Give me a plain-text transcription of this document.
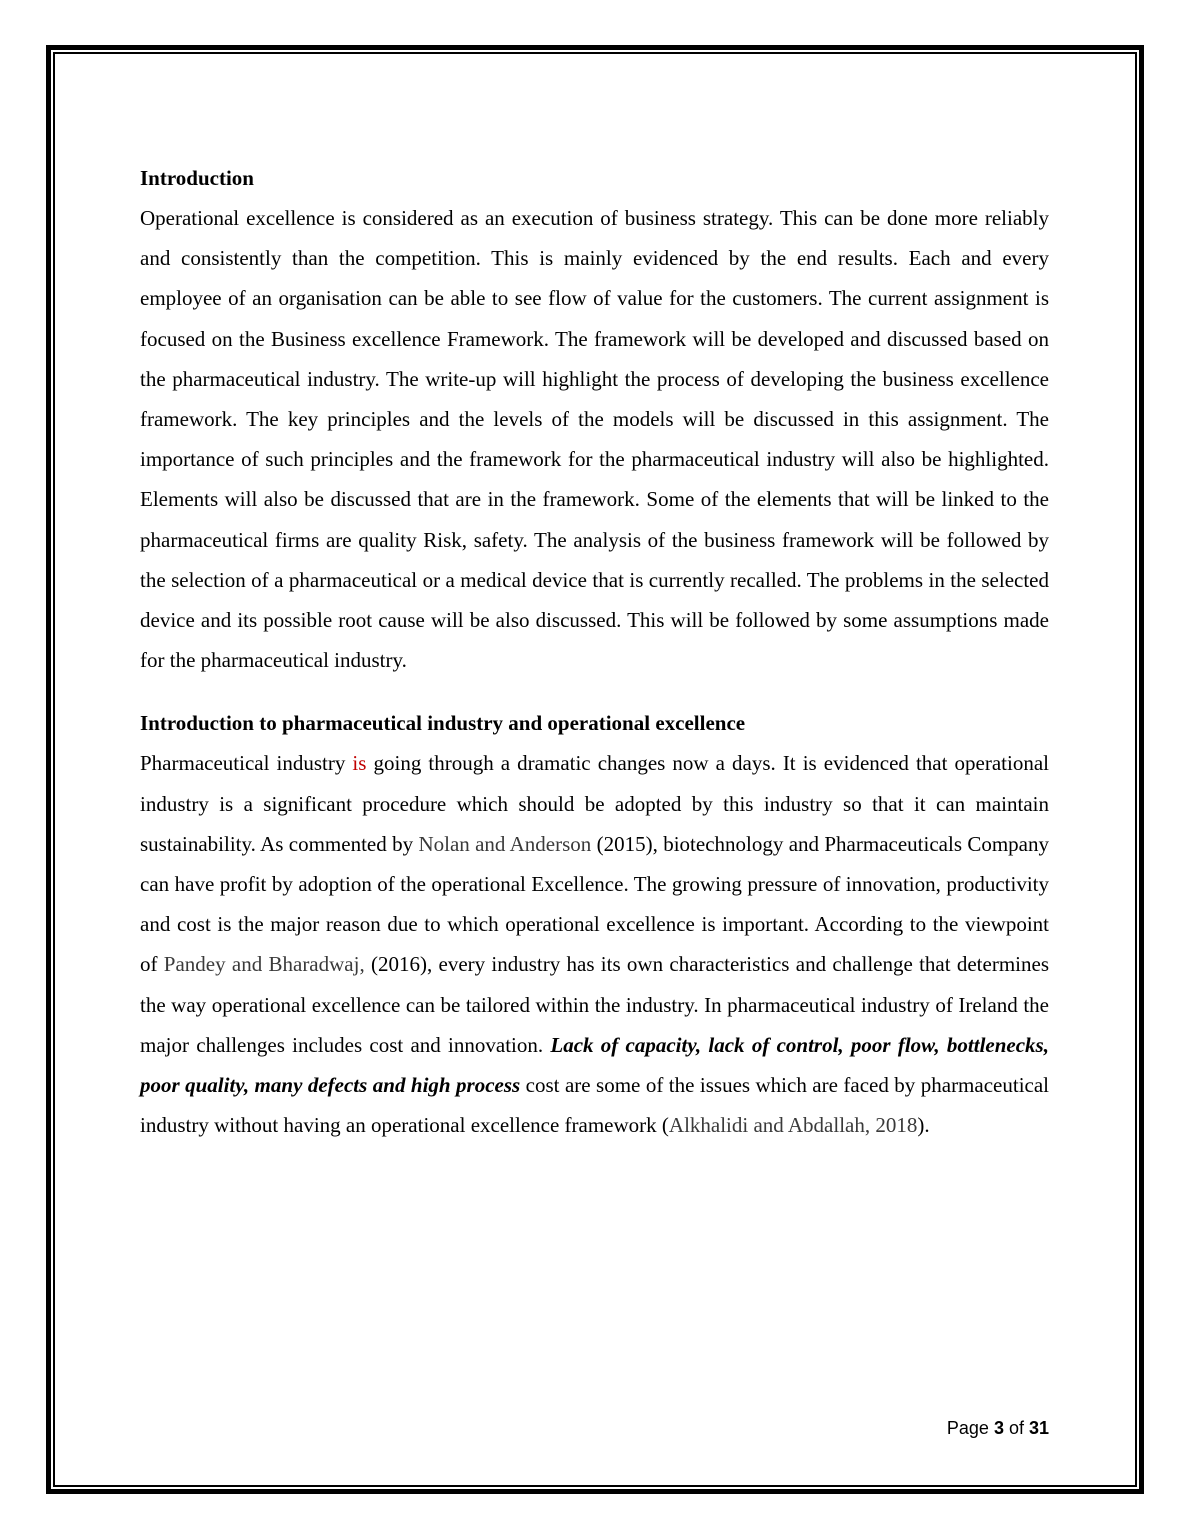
Introduction

Operational excellence is considered as an execution of business strategy. This can be done more reliably and consistently than the competition. This is mainly evidenced by the end results. Each and every employee of an organisation can be able to see flow of value for the customers. The current assignment is focused on the Business excellence Framework. The framework will be developed and discussed based on the pharmaceutical industry. The write-up will highlight the process of developing the business excellence framework. The key principles and the levels of the models will be discussed in this assignment. The importance of such principles and the framework for the pharmaceutical industry will also be highlighted. Elements will also be discussed that are in the framework. Some of the elements that will be linked to the pharmaceutical firms are quality Risk, safety. The analysis of the business framework will be followed by the selection of a pharmaceutical or a medical device that is currently recalled. The problems in the selected device and its possible root cause will be also discussed. This will be followed by some assumptions made for the pharmaceutical industry.

Introduction to pharmaceutical industry and operational excellence

Pharmaceutical industry is going through a dramatic changes now a days. It is evidenced that operational industry is a significant procedure which should be adopted by this industry so that it can maintain sustainability. As commented by Nolan and Anderson (2015), biotechnology and Pharmaceuticals Company can have profit by adoption of the operational Excellence. The growing pressure of innovation, productivity and cost is the major reason due to which operational excellence is important. According to the viewpoint of Pandey and Bharadwaj, (2016), every industry has its own characteristics and challenge that determines the way operational excellence can be tailored within the industry. In pharmaceutical industry of Ireland the major challenges includes cost and innovation. Lack of capacity, lack of control, poor flow, bottlenecks, poor quality, many defects and high process cost are some of the issues which are faced by pharmaceutical industry without having an operational excellence framework (Alkhalidi and Abdallah, 2018).

Page 3 of 31
